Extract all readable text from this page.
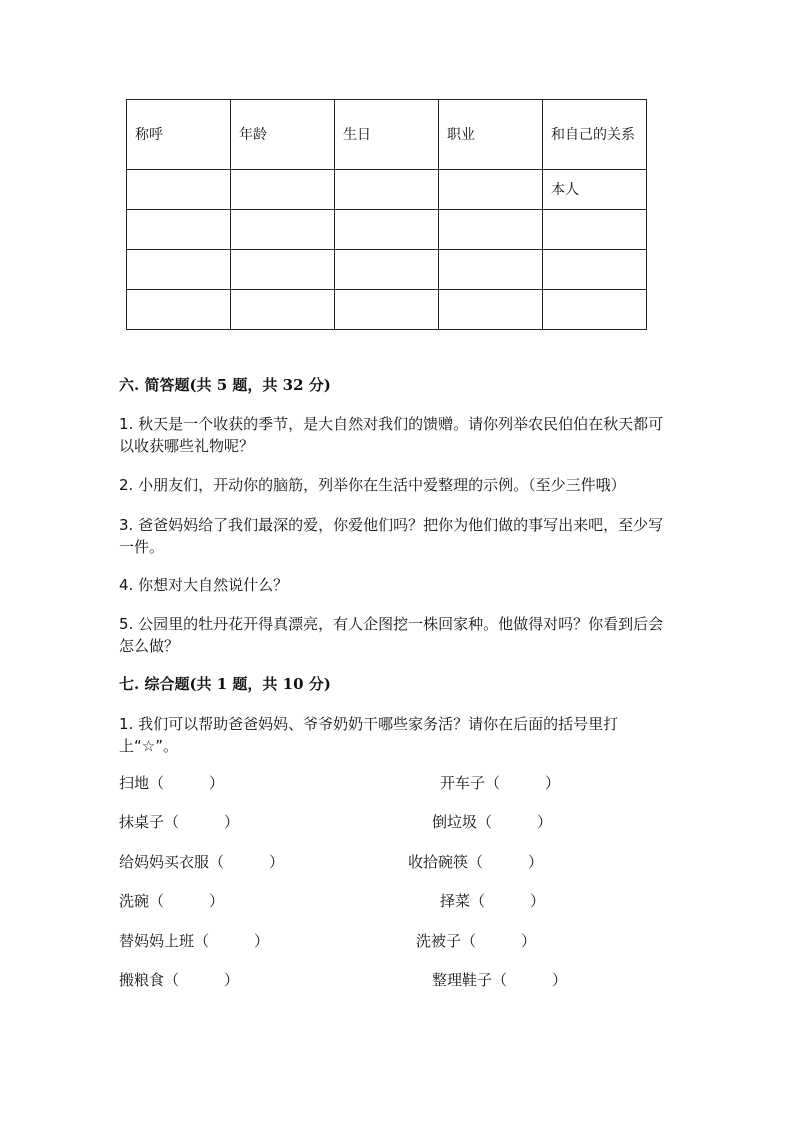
称呼	年龄	生日	职业	和自己的关系
				本人

六. 简答题(共 5 题，共 32 分)

1. 秋天是一个收获的季节，是大自然对我们的馈赠。请你列举农民伯伯在秋天都可以收获哪些礼物呢？

2. 小朋友们，开动你的脑筋，列举你在生活中爱整理的示例。（至少三件哦）

3. 爸爸妈妈给了我们最深的爱，你爱他们吗？把你为他们做的事写出来吧，至少写一件。

4. 你想对大自然说什么？

5. 公园里的牡丹花开得真漂亮，有人企图挖一株回家种。他做得对吗？你看到后会怎么做？

七. 综合题(共 1 题，共 10 分)

1. 我们可以帮助爸爸妈妈、爷爷奶奶干哪些家务活？请你在后面的括号里打上“☆”。

扫地（　　　）	开车子（　　　）
抹桌子（　　　）	倒垃圾（　　　）
给妈妈买衣服（　　　）	收拾碗筷（　　　）
洗碗（　　　）	择菜（　　　）
替妈妈上班（　　　）	洗被子（　　　）
搬粮食（　　　）	整理鞋子（　　　）
